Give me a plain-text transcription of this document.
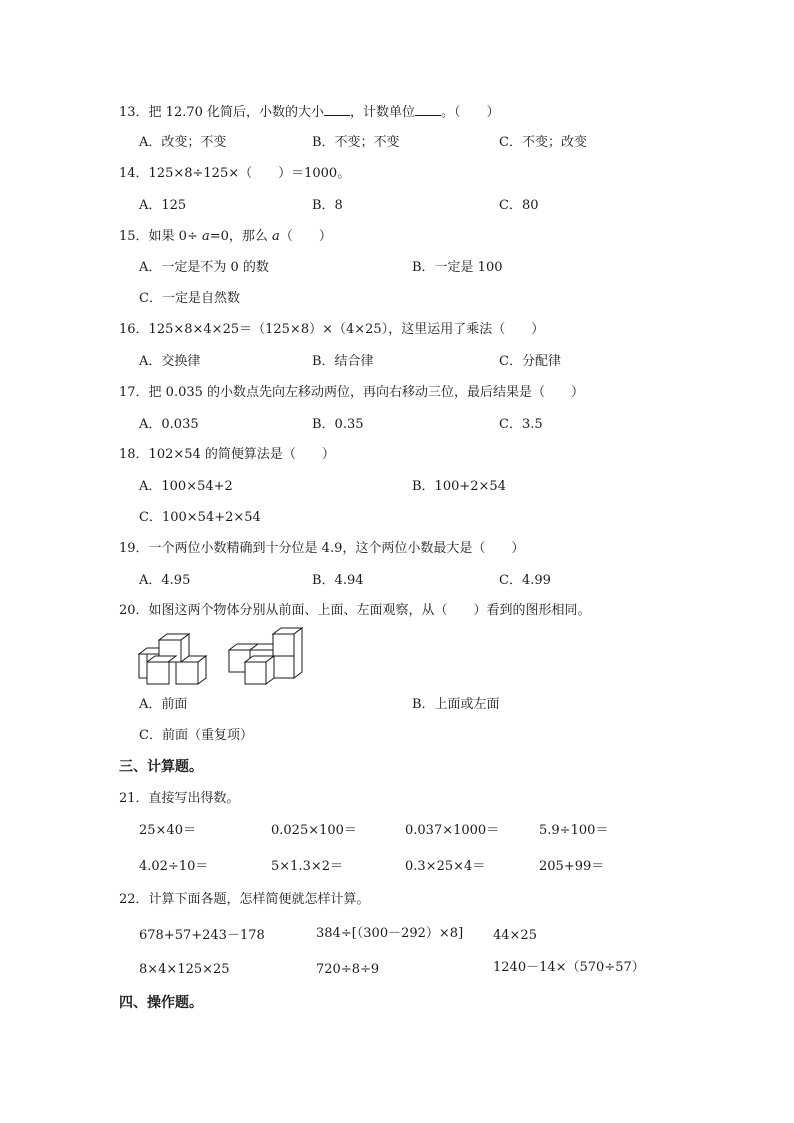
13．把 12.70 化简后，小数的大小 ，计数单位 。（　　）
A．改变；不变	B．不变；不变	C．不变；改变
14．125×8÷125×（　　）＝1000。
A．125	B．8	C．80
15．如果 0÷ a=0，那么 a（　　）
A．一定是不为 0 的数	B．一定是 100
C．一定是自然数
16．125×8×4×25＝（125×8）×（4×25），这里运用了乘法（　　）
A．交换律	B．结合律	C．分配律
17．把 0.035 的小数点先向左移动两位，再向右移动三位，最后结果是（　　）
A．0.035	B．0.35	C．3.5
18．102×54 的简便算法是（　　）
A．100×54+2	B．100+2×54
C．100×54+2×54
19．一个两位小数精确到十分位是 4.9，这个两位小数最大是（　　）
A．4.95	B．4.94	C．4.99
20．如图这两个物体分别从前面、上面、左面观察，从（　　）看到的图形相同。
A．前面	B．上面或左面
C．前面（重复项）
三、计算题。
21．直接写出得数。
25×40＝	0.025×100＝	0.037×1000＝	5.9÷100＝
4.02÷10＝	5×1.3×2＝	0.3×25×4＝	205+99＝
22．计算下面各题，怎样简便就怎样计算。
678+57+243－178	384÷[（300－292）×8] 44×25
8×4×125×25	720÷8÷9	1240－14×（570÷57）
四、操作题。
